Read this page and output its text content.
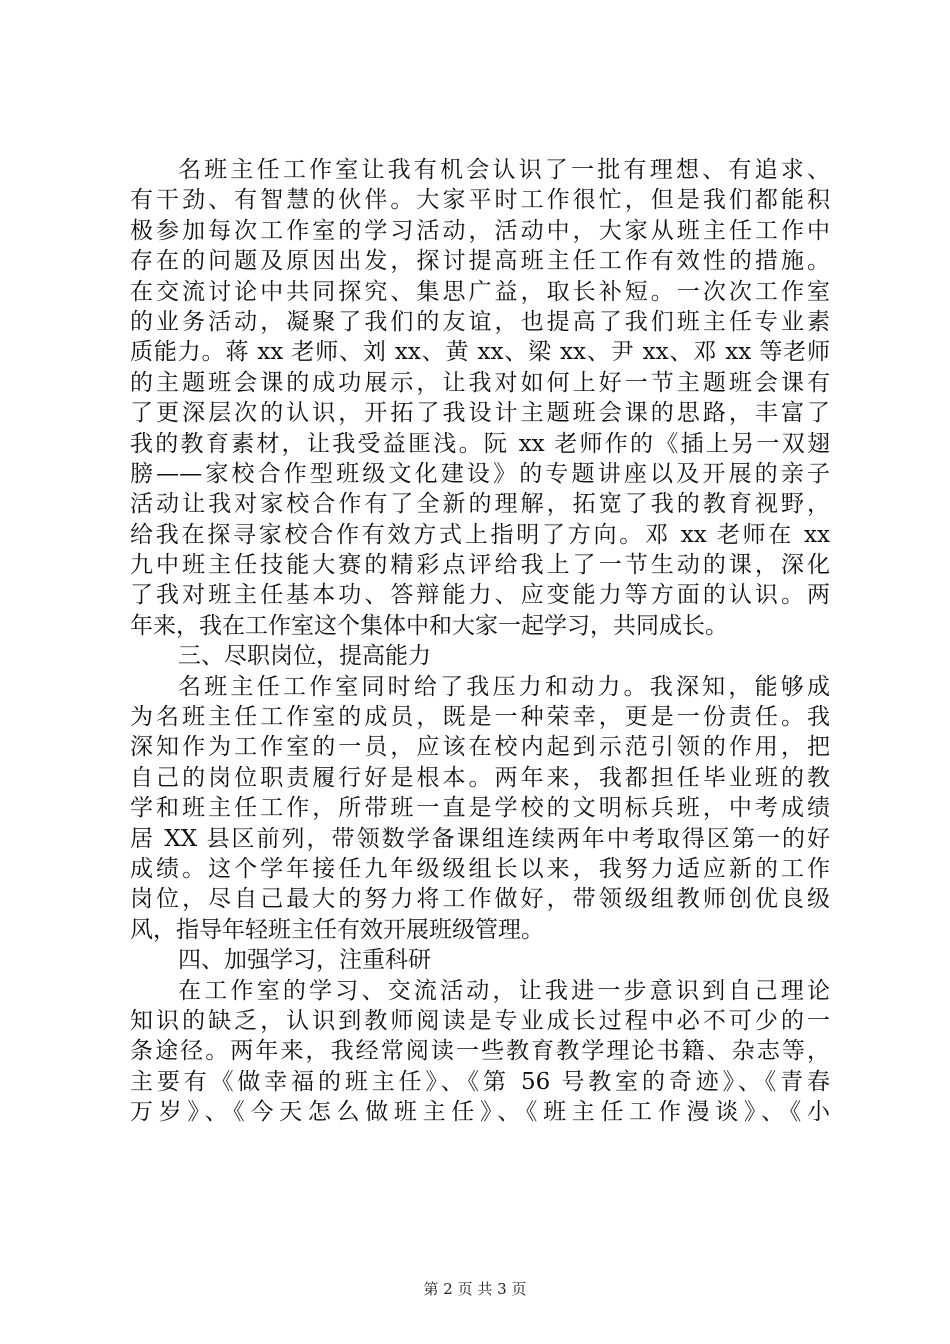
名班主任工作室让我有机会认识了一批有理想、有追求、
有干劲、有智慧的伙伴。大家平时工作很忙，但是我们都能积
极参加每次工作室的学习活动，活动中，大家从班主任工作中
存在的问题及原因出发，探讨提高班主任工作有效性的措施。
在交流讨论中共同探究、集思广益，取长补短。一次次工作室
的业务活动，凝聚了我们的友谊，也提高了我们班主任专业素
质能力。蒋 xx 老师、刘 xx、黄 xx、梁 xx、尹 xx、邓 xx 等老师
的主题班会课的成功展示，让我对如何上好一节主题班会课有
了更深层次的认识，开拓了我设计主题班会课的思路，丰富了
我的教育素材，让我受益匪浅。阮 xx 老师作的《插上另一双翅
膀——家校合作型班级文化建设》的专题讲座以及开展的亲子
活动让我对家校合作有了全新的理解，拓宽了我的教育视野，
给我在探寻家校合作有效方式上指明了方向。邓 xx 老师在 xx
九中班主任技能大赛的精彩点评给我上了一节生动的课，深化
了我对班主任基本功、答辩能力、应变能力等方面的认识。两
年来，我在工作室这个集体中和大家一起学习，共同成长。
三、尽职岗位，提高能力
名班主任工作室同时给了我压力和动力。我深知，能够成
为名班主任工作室的成员，既是一种荣幸，更是一份责任。我
深知作为工作室的一员，应该在校内起到示范引领的作用，把
自己的岗位职责履行好是根本。两年来，我都担任毕业班的教
学和班主任工作，所带班一直是学校的文明标兵班，中考成绩
居 XX 县区前列，带领数学备课组连续两年中考取得区第一的好
成绩。这个学年接任九年级级组长以来，我努力适应新的工作
岗位，尽自己最大的努力将工作做好，带领级组教师创优良级
风，指导年轻班主任有效开展班级管理。
四、加强学习，注重科研
在工作室的学习、交流活动，让我进一步意识到自己理论
知识的缺乏，认识到教师阅读是专业成长过程中必不可少的一
条途径。两年来，我经常阅读一些教育教学理论书籍、杂志等，
主要有《做幸福的班主任》、《第 56 号教室的奇迹》、《青春
万岁》、《今天怎么做班主任》、《班主任工作漫谈》、《小
第 2 页 共 3 页
